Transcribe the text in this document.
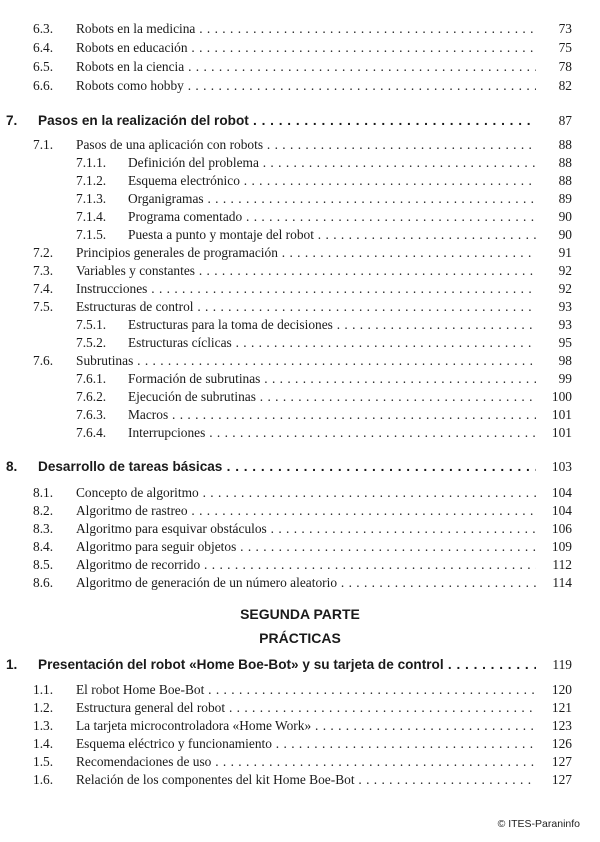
6.3. Robots en la medicina . . .	73
6.4. Robots en educación . . .	75
6.5. Robots en la ciencia . . .	78
6.6. Robots como hobby . . .	82
7. Pasos en la realización del robot . . .	87
7.1. Pasos de una aplicación con robots . . .	88
7.1.1. Definición del problema . . .	88
7.1.2. Esquema electrónico . . .	88
7.1.3. Organigramas . . .	89
7.1.4. Programa comentado . . .	90
7.1.5. Puesta a punto y montaje del robot . . .	90
7.2. Principios generales de programación . . .	91
7.3. Variables y constantes . . .	92
7.4. Instrucciones . . .	92
7.5. Estructuras de control . . .	93
7.5.1. Estructuras para la toma de decisiones . . .	93
7.5.2. Estructuras cíclicas . . .	95
7.6. Subrutinas . . .	98
7.6.1. Formación de subrutinas . . .	99
7.6.2. Ejecución de subrutinas . . .	100
7.6.3. Macros . . .	101
7.6.4. Interrupciones . . .	101
8. Desarrollo de tareas básicas . . .	103
8.1. Concepto de algoritmo . . .	104
8.2. Algoritmo de rastreo . . .	104
8.3. Algoritmo para esquivar obstáculos . . .	106
8.4. Algoritmo para seguir objetos . . .	109
8.5. Algoritmo de recorrido . . .	112
8.6. Algoritmo de generación de un número aleatorio . . .	114
1. Presentación del robot «Home Boe-Bot» y su tarjeta de control . . .	119
1.1. El robot Home Boe-Bot . . .	120
1.2. Estructura general del robot . . .	121
1.3. La tarjeta microcontroladora «Home Work» . . .	123
1.4. Esquema eléctrico y funcionamiento . . .	126
1.5. Recomendaciones de uso . . .	127
1.6. Relación de los componentes del kit Home Boe-Bot . . .	127
SEGUNDA PARTE
PRÁCTICAS
© ITES-Paraninfo
